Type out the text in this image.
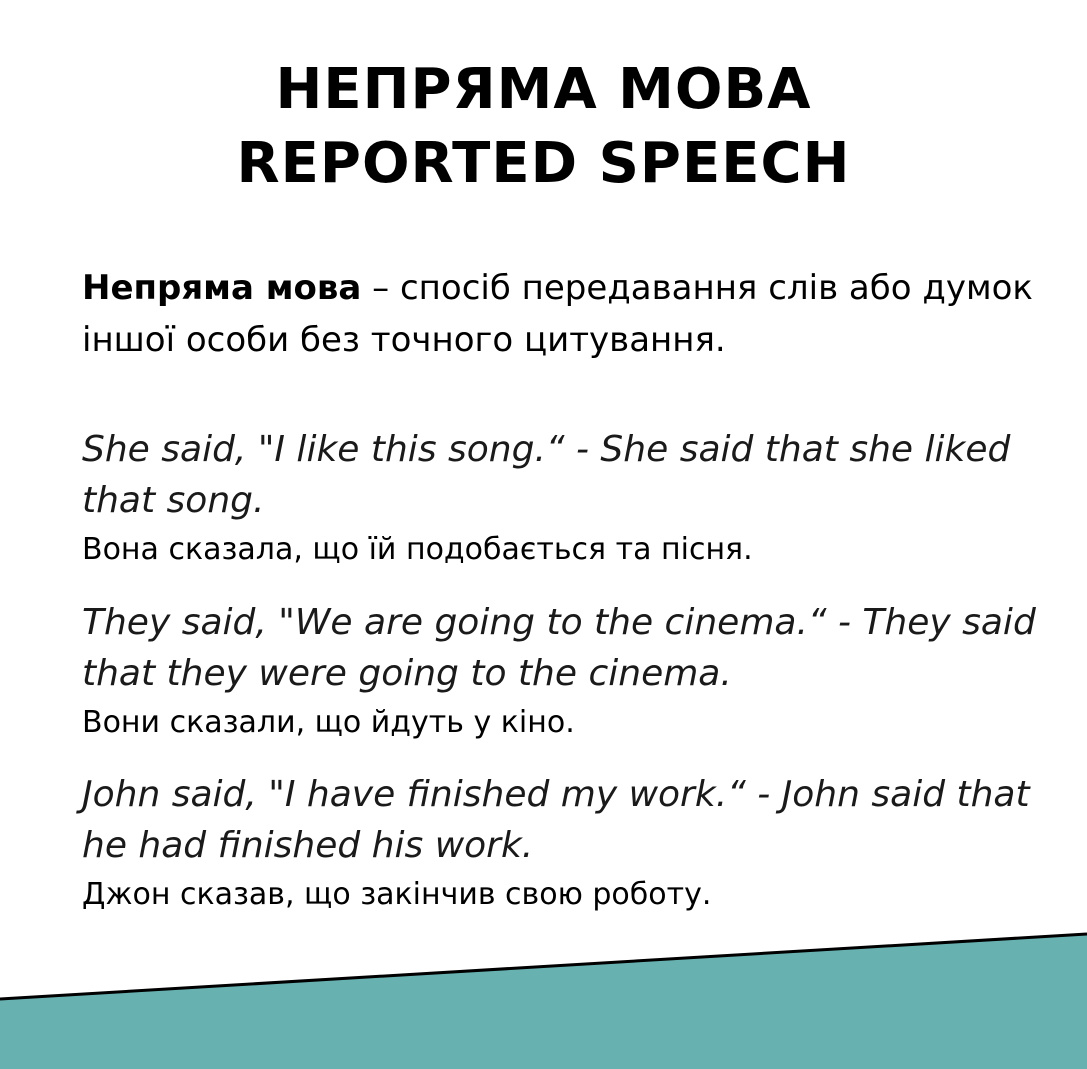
НЕПРЯМА МОВА
REPORTED SPEECH

Непряма мова – спосіб передавання слів або думок іншої особи без точного цитування.

She said, "I like this song.“ - She said that she liked that song.

Вона сказала, що їй подобається та пісня.

They said, "We are going to the cinema.“ - They said that they were going to the cinema.

Вони сказали, що йдуть у кіно.

John said, "I have finished my work.“ - John said that he had finished his work.

Джон сказав, що закінчив свою роботу.
